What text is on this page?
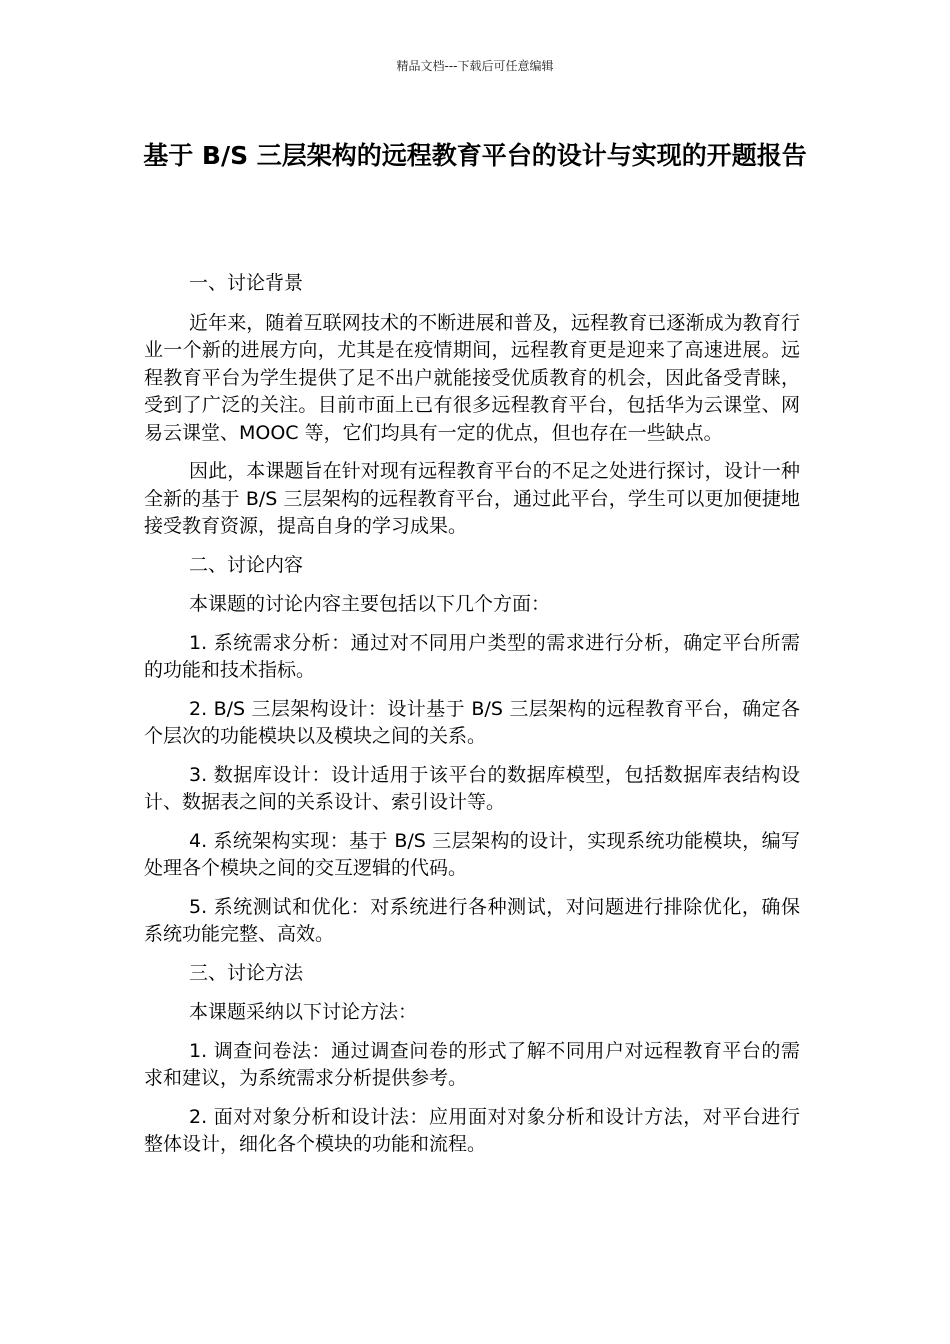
精品文档---下载后可任意编辑
基于 B/S 三层架构的远程教育平台的设计与实现的开题报告

一、讨论背景

近年来，随着互联网技术的不断进展和普及，远程教育已逐渐成为教育行业一个新的进展方向，尤其是在疫情期间，远程教育更是迎来了高速进展。远程教育平台为学生提供了足不出户就能接受优质教育的机会，因此备受青睐，受到了广泛的关注。目前市面上已有很多远程教育平台，包括华为云课堂、网易云课堂、MOOC 等，它们均具有一定的优点，但也存在一些缺点。

因此，本课题旨在针对现有远程教育平台的不足之处进行探讨，设计一种全新的基于 B/S 三层架构的远程教育平台，通过此平台，学生可以更加便捷地接受教育资源，提高自身的学习成果。

二、讨论内容

本课题的讨论内容主要包括以下几个方面：

1. 系统需求分析：通过对不同用户类型的需求进行分析，确定平台所需的功能和技术指标。

2. B/S 三层架构设计：设计基于 B/S 三层架构的远程教育平台，确定各个层次的功能模块以及模块之间的关系。

3. 数据库设计：设计适用于该平台的数据库模型，包括数据库表结构设计、数据表之间的关系设计、索引设计等。

4. 系统架构实现：基于 B/S 三层架构的设计，实现系统功能模块，编写处理各个模块之间的交互逻辑的代码。

5. 系统测试和优化：对系统进行各种测试，对问题进行排除优化，确保系统功能完整、高效。

三、讨论方法

本课题采纳以下讨论方法：

1. 调查问卷法：通过调查问卷的形式了解不同用户对远程教育平台的需求和建议，为系统需求分析提供参考。

2. 面对对象分析和设计法：应用面对对象分析和设计方法，对平台进行整体设计，细化各个模块的功能和流程。
